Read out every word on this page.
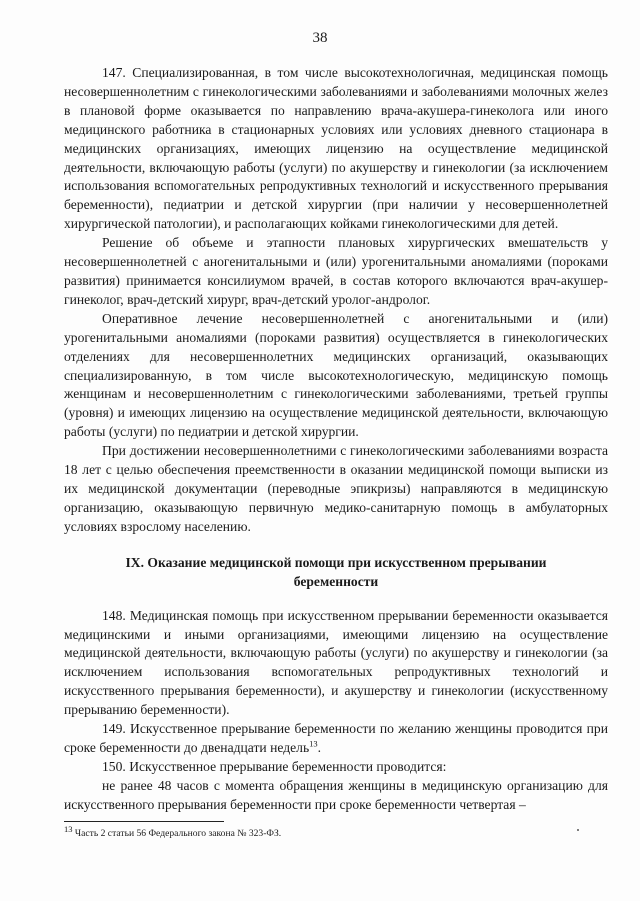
38

147. Специализированная, в том числе высокотехнологичная, медицинская помощь несовершеннолетним с гинекологическими заболеваниями и заболеваниями молочных желез в плановой форме оказывается по направлению врача-акушера-гинеколога или иного медицинского работника в стационарных условиях или условиях дневного стационара в медицинских организациях, имеющих лицензию на осуществление медицинской деятельности, включающую работы (услуги) по акушерству и гинекологии (за исключением использования вспомогательных репродуктивных технологий и искусственного прерывания беременности), педиатрии и детской хирургии (при наличии у несовершеннолетней хирургической патологии), и располагающих койками гинекологическими для детей.

Решение об объеме и этапности плановых хирургических вмешательств у несовершеннолетней с аногенитальными и (или) урогенитальными аномалиями (пороками развития) принимается консилиумом врачей, в состав которого включаются врач-акушер-гинеколог, врач-детский хирург, врач-детский уролог-андролог.

Оперативное лечение несовершеннолетней с аногенитальными и (или) урогенитальными аномалиями (пороками развития) осуществляется в гинекологических отделениях для несовершеннолетних медицинских организаций, оказывающих специализированную, в том числе высокотехнологическую, медицинскую помощь женщинам и несовершеннолетним с гинекологическими заболеваниями, третьей группы (уровня) и имеющих лицензию на осуществление медицинской деятельности, включающую работы (услуги) по педиатрии и детской хирургии.

При достижении несовершеннолетними с гинекологическими заболеваниями возраста 18 лет с целью обеспечения преемственности в оказании медицинской помощи выписки из их медицинской документации (переводные эпикризы) направляются в медицинскую организацию, оказывающую первичную медико-санитарную помощь в амбулаторных условиях взрослому населению.

IX. Оказание медицинской помощи при искусственном прерывании беременности

148. Медицинская помощь при искусственном прерывании беременности оказывается медицинскими и иными организациями, имеющими лицензию на осуществление медицинской деятельности, включающую работы (услуги) по акушерству и гинекологии (за исключением использования вспомогательных репродуктивных технологий и искусственного прерывания беременности), и акушерству и гинекологии (искусственному прерыванию беременности).

149. Искусственное прерывание беременности по желанию женщины проводится при сроке беременности до двенадцати недель$^{13}$.

150. Искусственное прерывание беременности проводится:

не ранее 48 часов с момента обращения женщины в медицинскую организацию для искусственного прерывания беременности при сроке беременности четвертая –

$^{13}$ Часть 2 статьи 56 Федерального закона № 323-ФЗ.
